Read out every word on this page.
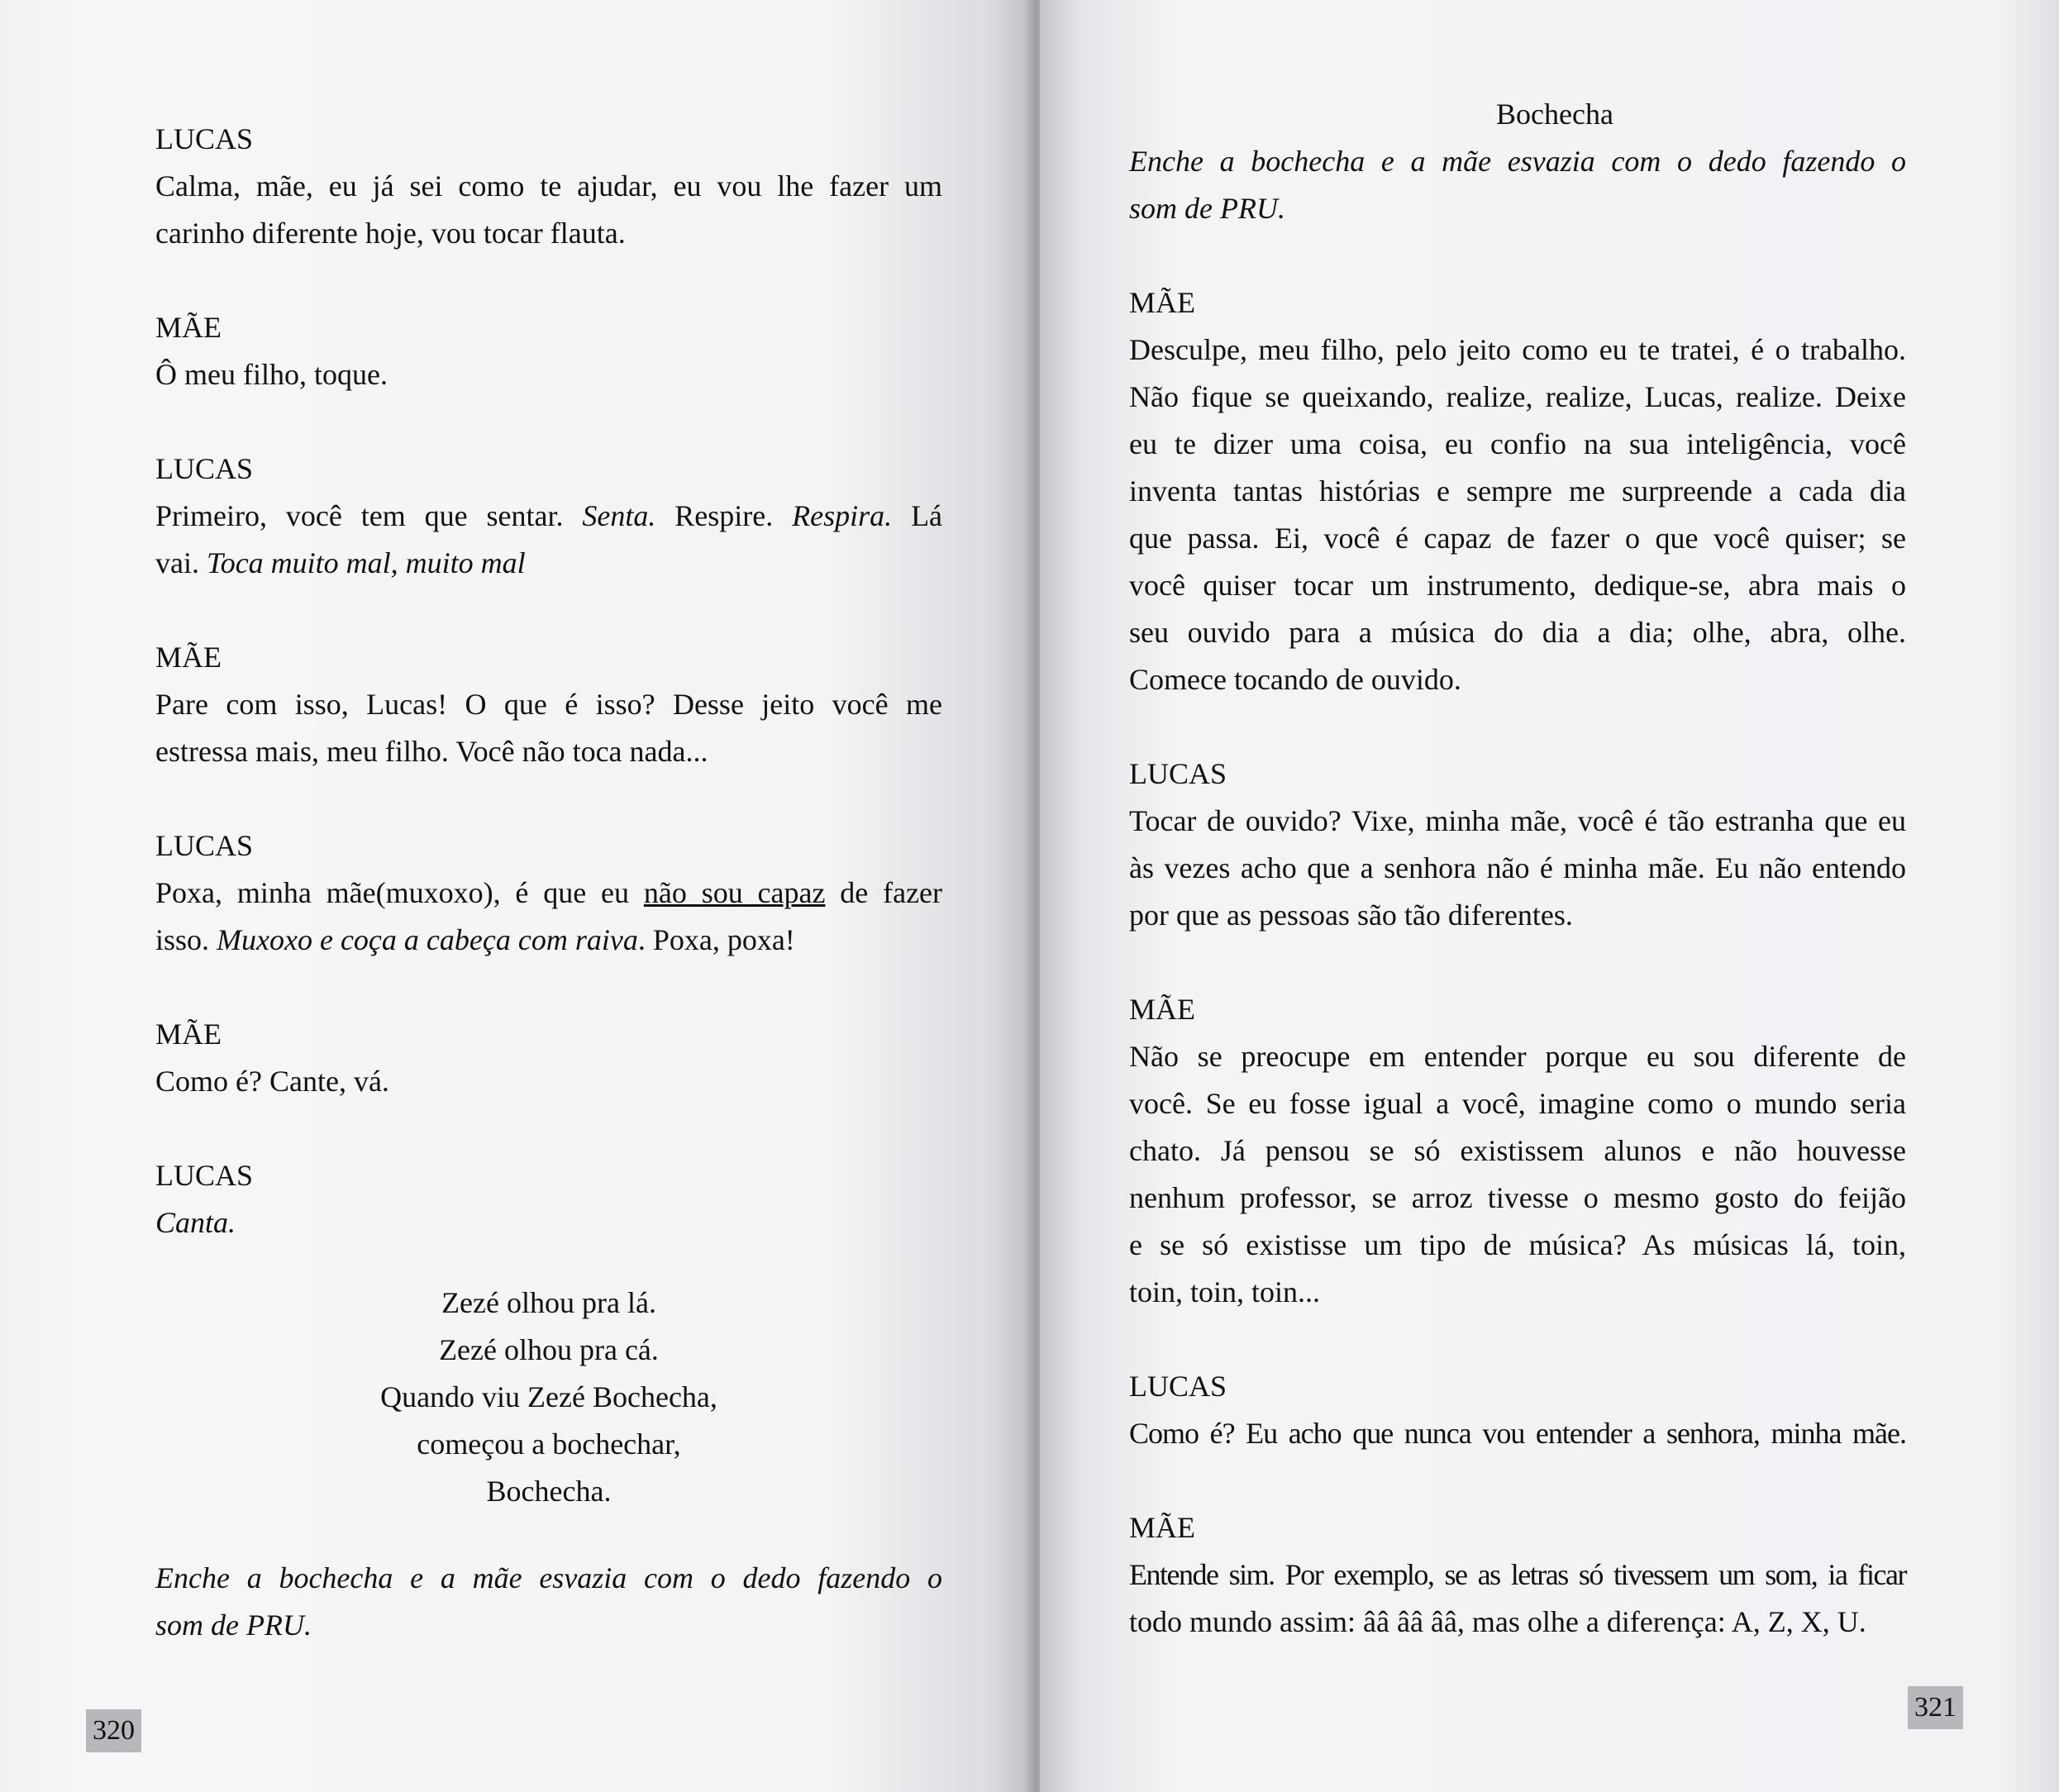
LUCAS
Calma, mãe, eu já sei como te ajudar, eu vou lhe fazer um
carinho diferente hoje, vou tocar flauta.
MÃE
Ô meu filho, toque.
LUCAS
Primeiro, você tem que sentar. Senta. Respire. Respira. Lá
vai. Toca muito mal, muito mal
MÃE
Pare com isso, Lucas! O que é isso? Desse jeito você me
estressa mais, meu filho. Você não toca nada...
LUCAS
Poxa, minha mãe(muxoxo), é que eu não sou capaz de fazer
isso. Muxoxo e coça a cabeça com raiva. Poxa, poxa!
MÃE
Como é? Cante, vá.
LUCAS
Canta.
Zezé olhou pra lá.
Zezé olhou pra cá.
Quando viu Zezé Bochecha,
começou a bochechar,
Bochecha.
Enche a bochecha e a mãe esvazia com o dedo fazendo o
som de PRU.
320
Bochecha
Enche a bochecha e a mãe esvazia com o dedo fazendo o
som de PRU.
MÃE
Desculpe, meu filho, pelo jeito como eu te tratei, é o trabalho.
Não fique se queixando, realize, realize, Lucas, realize. Deixe
eu te dizer uma coisa, eu confio na sua inteligência, você
inventa tantas histórias e sempre me surpreende a cada dia
que passa. Ei, você é capaz de fazer o que você quiser; se
você quiser tocar um instrumento, dedique-se, abra mais o
seu ouvido para a música do dia a dia; olhe, abra, olhe.
Comece tocando de ouvido.
LUCAS
Tocar de ouvido? Vixe, minha mãe, você é tão estranha que eu
às vezes acho que a senhora não é minha mãe. Eu não entendo
por que as pessoas são tão diferentes.
MÃE
Não se preocupe em entender porque eu sou diferente de
você. Se eu fosse igual a você, imagine como o mundo seria
chato. Já pensou se só existissem alunos e não houvesse
nenhum professor, se arroz tivesse o mesmo gosto do feijão
e se só existisse um tipo de música? As músicas lá, toin,
toin, toin, toin...
LUCAS
Como é? Eu acho que nunca vou entender a senhora, minha mãe.
MÃE
Entende sim. Por exemplo, se as letras só tivessem um som, ia ficar
todo mundo assim: ââ ââ ââ, mas olhe a diferença: A, Z, X, U.
321
